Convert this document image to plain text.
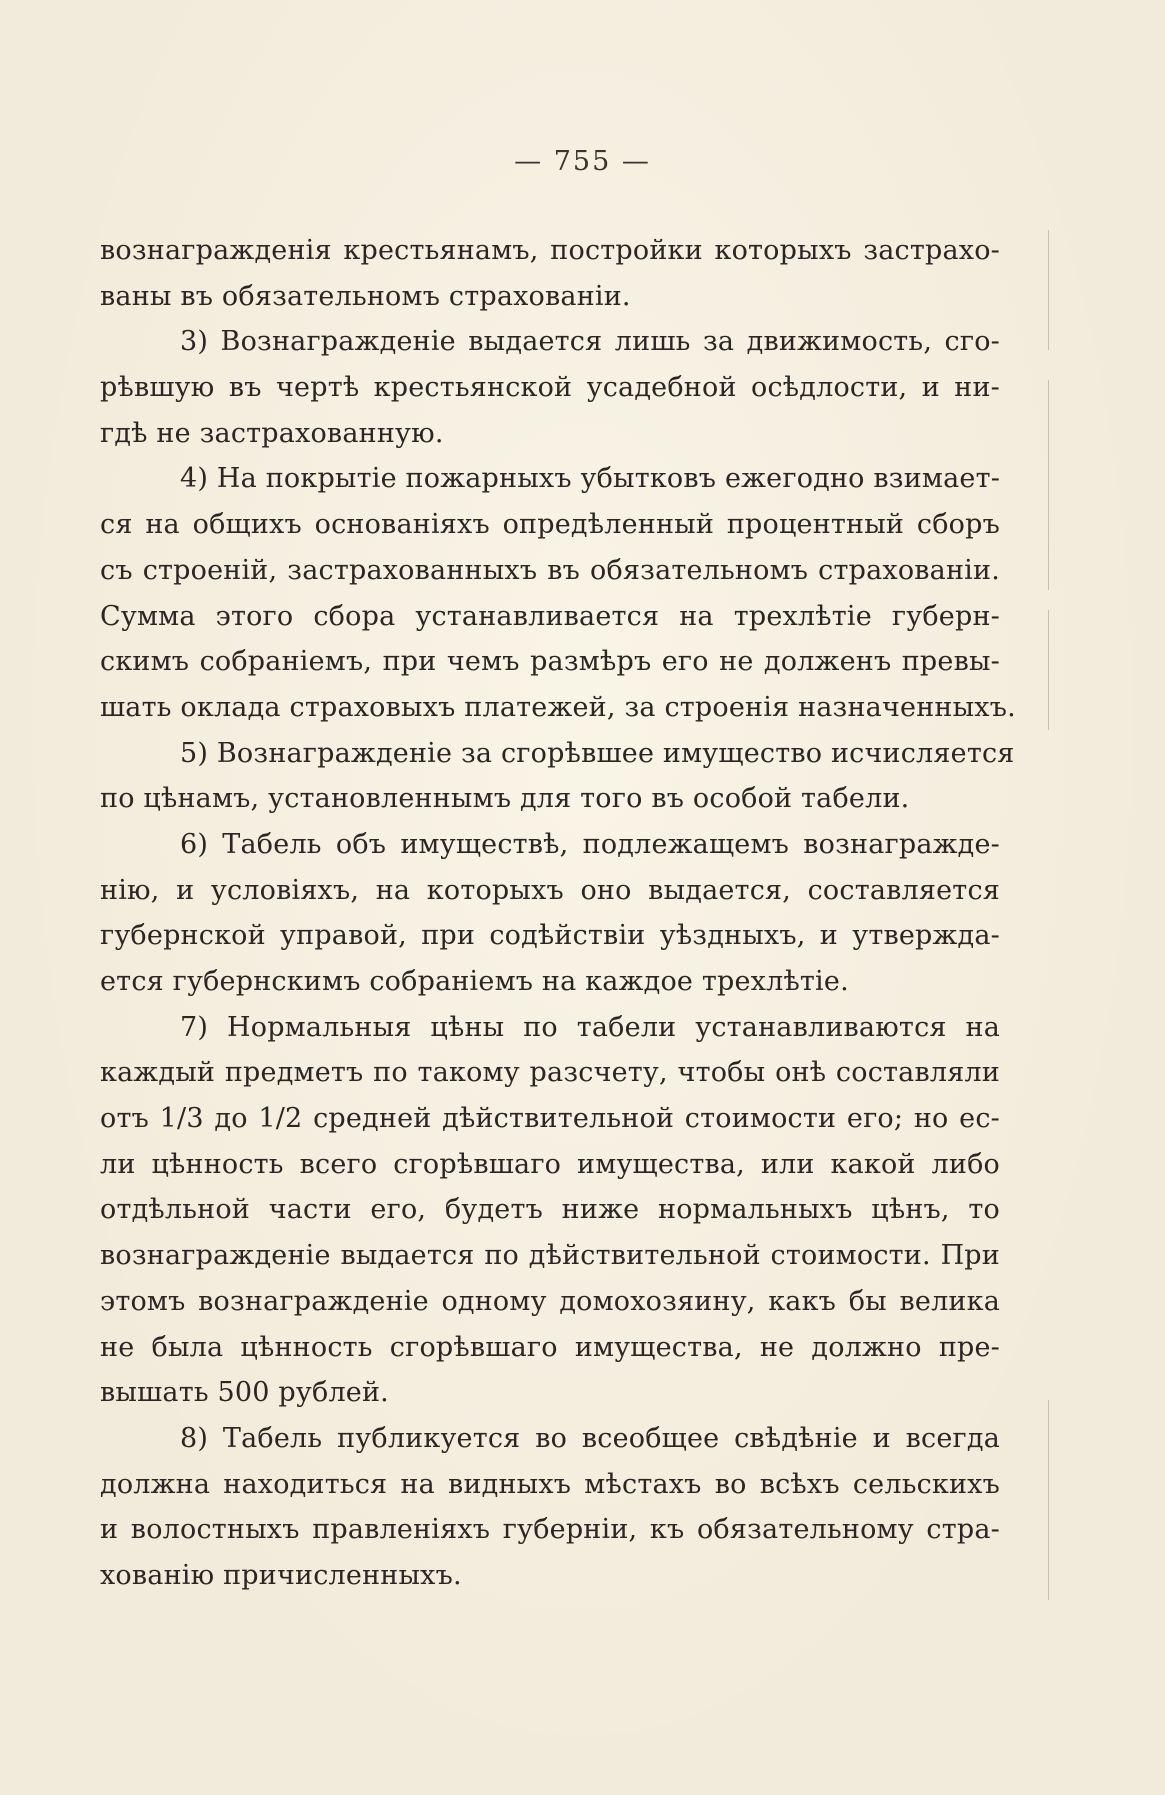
— 755 —
вознагражденія крестьянамъ, постройки которыхъ застрахо-
ваны въ обязательномъ страхованіи.
3) Вознагражденіе выдается лишь за движимость, сго-
рѣвшую въ чертѣ крестьянской усадебной осѣдлости, и ни-
гдѣ не застрахованную.
4) На покрытіе пожарныхъ убытковъ ежегодно взимает-
ся на общихъ основаніяхъ опредѣленный процентный сборъ
съ строеній, застрахованныхъ въ обязательномъ страхованіи.
Сумма этого сбора устанавливается на трехлѣтіе губерн-
скимъ собраніемъ, при чемъ размѣръ его не долженъ превы-
шать оклада страховыхъ платежей, за строенія назначенныхъ.
5) Вознагражденіе за сгорѣвшее имущество исчисляется
по цѣнамъ, установленнымъ для того въ особой табели.
6) Табель объ имуществѣ, подлежащемъ вознагражде-
нію, и условіяхъ, на которыхъ оно выдается, составляется
губернской управой, при содѣйствіи уѣздныхъ, и утвержда-
ется губернскимъ собраніемъ на каждое трехлѣтіе.
7) Нормальныя цѣны по табели устанавливаются на
каждый предметъ по такому разсчету, чтобы онѣ составляли
отъ 1/3 до 1/2 средней дѣйствительной стоимости его; но ес-
ли цѣнность всего сгорѣвшаго имущества, или какой либо
отдѣльной части его, будетъ ниже нормальныхъ цѣнъ, то
вознагражденіе выдается по дѣйствительной стоимости. При
этомъ вознагражденіе одному домохозяину, какъ бы велика
не была цѣнность сгорѣвшаго имущества, не должно пре-
вышать 500 рублей.
8) Табель публикуется во всеобщее свѣдѣніе и всегда
должна находиться на видныхъ мѣстахъ во всѣхъ сельскихъ
и волостныхъ правленіяхъ губерніи, къ обязательному стра-
хованію причисленныхъ.
